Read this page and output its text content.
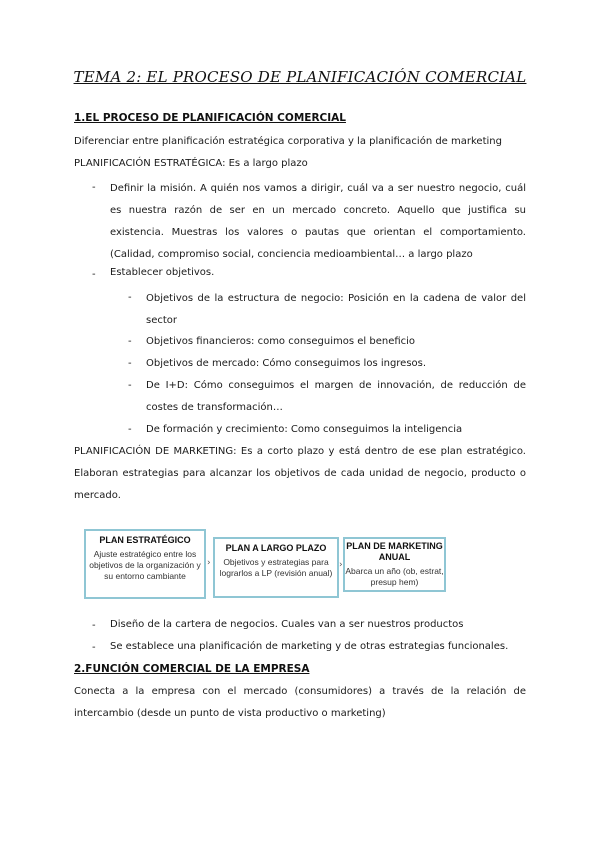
TEMA 2: EL PROCESO DE PLANIFICACIÓN COMERCIAL
1.EL PROCESO DE PLANIFICACIÓN COMERCIAL
Diferenciar entre planificación estratégica corporativa y la planificación de marketing
PLANIFICACIÓN ESTRATÉGICA: Es a largo plazo
- Definir la misión. A quién nos vamos a dirigir, cuál va a ser nuestro negocio, cuál es nuestra razón de ser en un mercado concreto. Aquello que justifica su existencia. Muestras los valores o pautas que orientan el comportamiento. (Calidad, compromiso social, conciencia medioambiental… a largo plazo
- Establecer objetivos.
- Objetivos de la estructura de negocio: Posición en la cadena de valor del sector
- Objetivos financieros: como conseguimos el beneficio
- Objetivos de mercado: Cómo conseguimos los ingresos.
- De I+D: Cómo conseguimos el margen de innovación, de reducción de costes de transformación…
- De formación y crecimiento: Como conseguimos la inteligencia
PLANIFICACIÓN DE MARKETING: Es a corto plazo y está dentro de ese plan estratégico. Elaboran estrategias para alcanzar los objetivos de cada unidad de negocio, producto o mercado.
PLAN ESTRATÉGICO
Ajuste estratégico entre los objetivos de la organización y su entorno cambiante
›
PLAN A LARGO PLAZO
Objetivos y estrategias para lograrlos a LP (revisión anual)
›
PLAN DE MARKETING ANUAL
Abarca un año (ob, estrat, presup hem)
- Diseño de la cartera de negocios. Cuales van a ser nuestros productos
- Se establece una planificación de marketing y de otras estrategias funcionales.
2.FUNCIÓN COMERCIAL DE LA EMPRESA
Conecta a la empresa con el mercado (consumidores) a través de la relación de intercambio (desde un punto de vista productivo o marketing)
